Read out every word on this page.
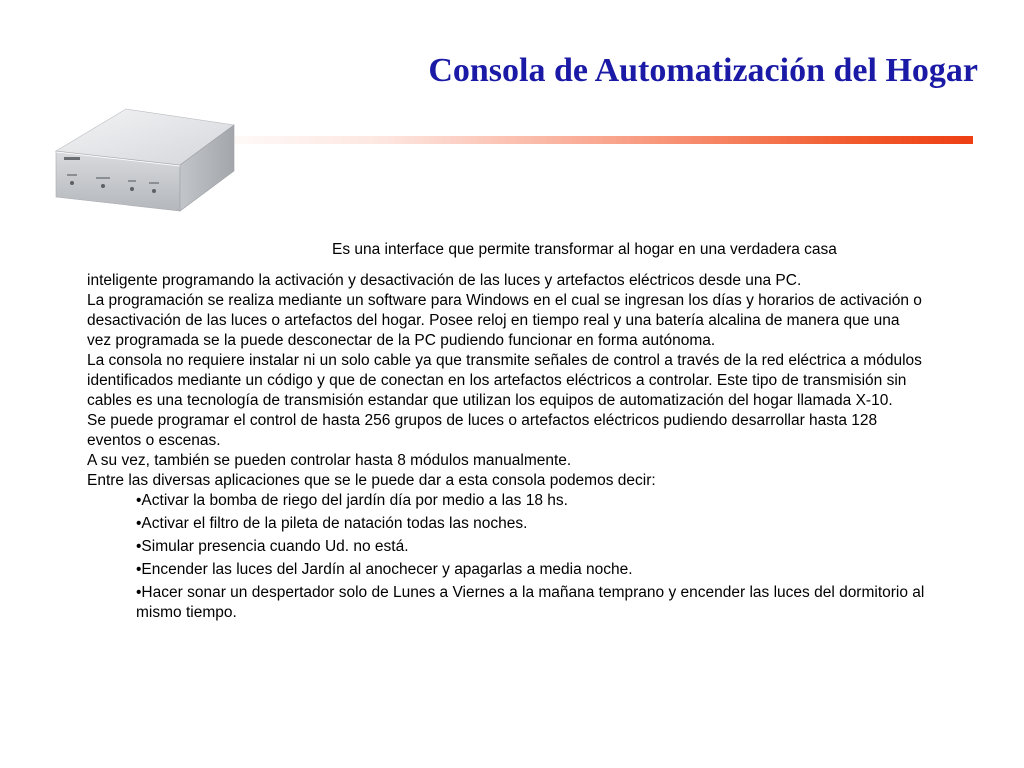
Consola de Automatización del Hogar

Es una interface que permite transformar al hogar en una verdadera casa

inteligente programando la activación y desactivación de las luces y artefactos eléctricos desde una PC.

La programación se realiza mediante un software para Windows en el cual se ingresan los días y horarios de activación o desactivación de las luces o artefactos del hogar. Posee reloj en tiempo real y una batería alcalina de manera que una vez programada se la puede desconectar de la PC pudiendo funcionar en forma autónoma.

La consola no requiere instalar ni un solo cable ya que transmite señales de control a través de la red eléctrica a módulos identificados mediante un código y que de conectan en los artefactos eléctricos a controlar. Este tipo de transmisión sin cables es una tecnología de transmisión estandar que utilizan los equipos de automatización del hogar llamada X-10.

Se puede programar el control de hasta 256 grupos de luces o artefactos eléctricos pudiendo desarrollar hasta 128 eventos o escenas.

A su vez, también se pueden controlar hasta 8 módulos manualmente.

Entre las diversas aplicaciones que se le puede dar a esta consola podemos decir:

•Activar la bomba de riego del jardín día por medio a las 18 hs.
•Activar el filtro de la pileta de natación todas las noches.
•Simular presencia cuando Ud. no está.
•Encender las luces del Jardín al anochecer y apagarlas a media noche.
•Hacer sonar un despertador solo de Lunes a Viernes a la mañana temprano y encender las luces del dormitorio al mismo tiempo.
